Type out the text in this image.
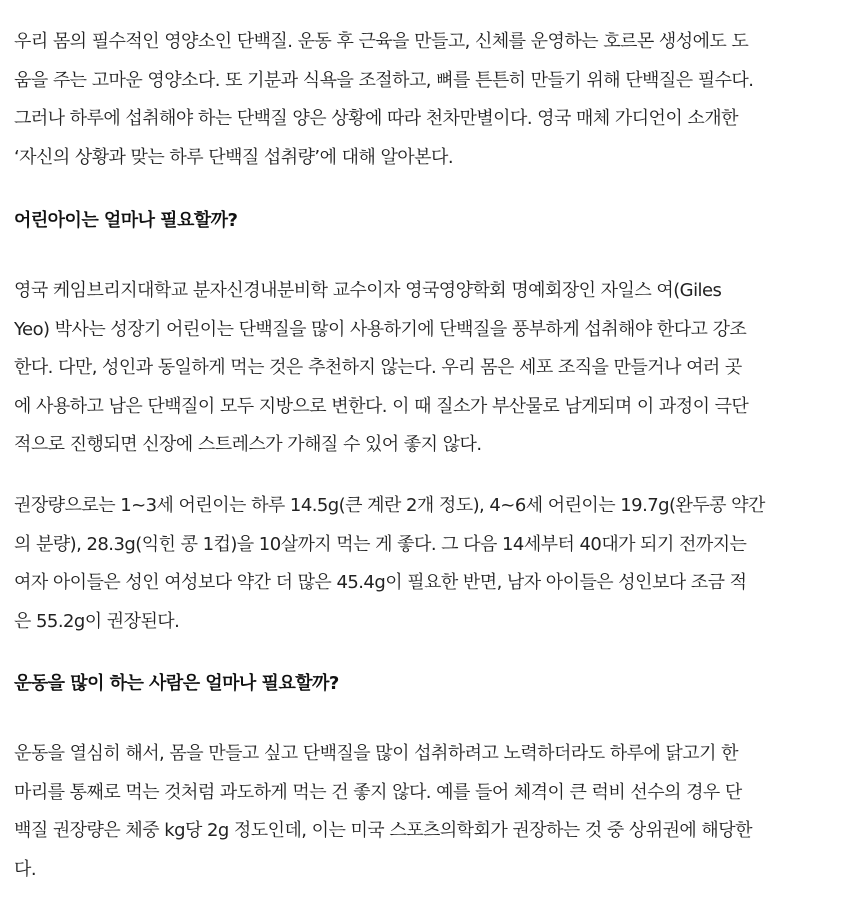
우리 몸의 필수적인 영양소인 단백질. 운동 후 근육을 만들고, 신체를 운영하는 호르몬 생성에도 도
움을 주는 고마운 영양소다. 또 기분과 식욕을 조절하고, 뼈를 튼튼히 만들기 위해 단백질은 필수다.
그러나 하루에 섭취해야 하는 단백질 양은 상황에 따라 천차만별이다. 영국 매체 가디언이 소개한
‘자신의 상황과 맞는 하루 단백질 섭취량’에 대해 알아본다.

어린아이는 얼마나 필요할까?

영국 케임브리지대학교 분자신경내분비학 교수이자 영국영양학회 명예회장인 자일스 여(Giles
Yeo) 박사는 성장기 어린이는 단백질을 많이 사용하기에 단백질을 풍부하게 섭취해야 한다고 강조
한다. 다만, 성인과 동일하게 먹는 것은 추천하지 않는다. 우리 몸은 세포 조직을 만들거나 여러 곳
에 사용하고 남은 단백질이 모두 지방으로 변한다. 이 때 질소가 부산물로 남게되며 이 과정이 극단
적으로 진행되면 신장에 스트레스가 가해질 수 있어 좋지 않다.

권장량으로는 1~3세 어린이는 하루 14.5g(큰 계란 2개 정도), 4~6세 어린이는 19.7g(완두콩 약간
의 분량), 28.3g(익힌 콩 1컵)을 10살까지 먹는 게 좋다. 그 다음 14세부터 40대가 되기 전까지는
여자 아이들은 성인 여성보다 약간 더 많은 45.4g이 필요한 반면, 남자 아이들은 성인보다 조금 적
은 55.2g이 권장된다.

운동을 많이 하는 사람은 얼마나 필요할까?

운동을 열심히 해서, 몸을 만들고 싶고 단백질을 많이 섭취하려고 노력하더라도 하루에 닭고기 한
마리를 통째로 먹는 것처럼 과도하게 먹는 건 좋지 않다. 예를 들어 체격이 큰 럭비 선수의 경우 단
백질 권장량은 체중 kg당 2g 정도인데, 이는 미국 스포츠의학회가 권장하는 것 중 상위권에 해당한
다.
